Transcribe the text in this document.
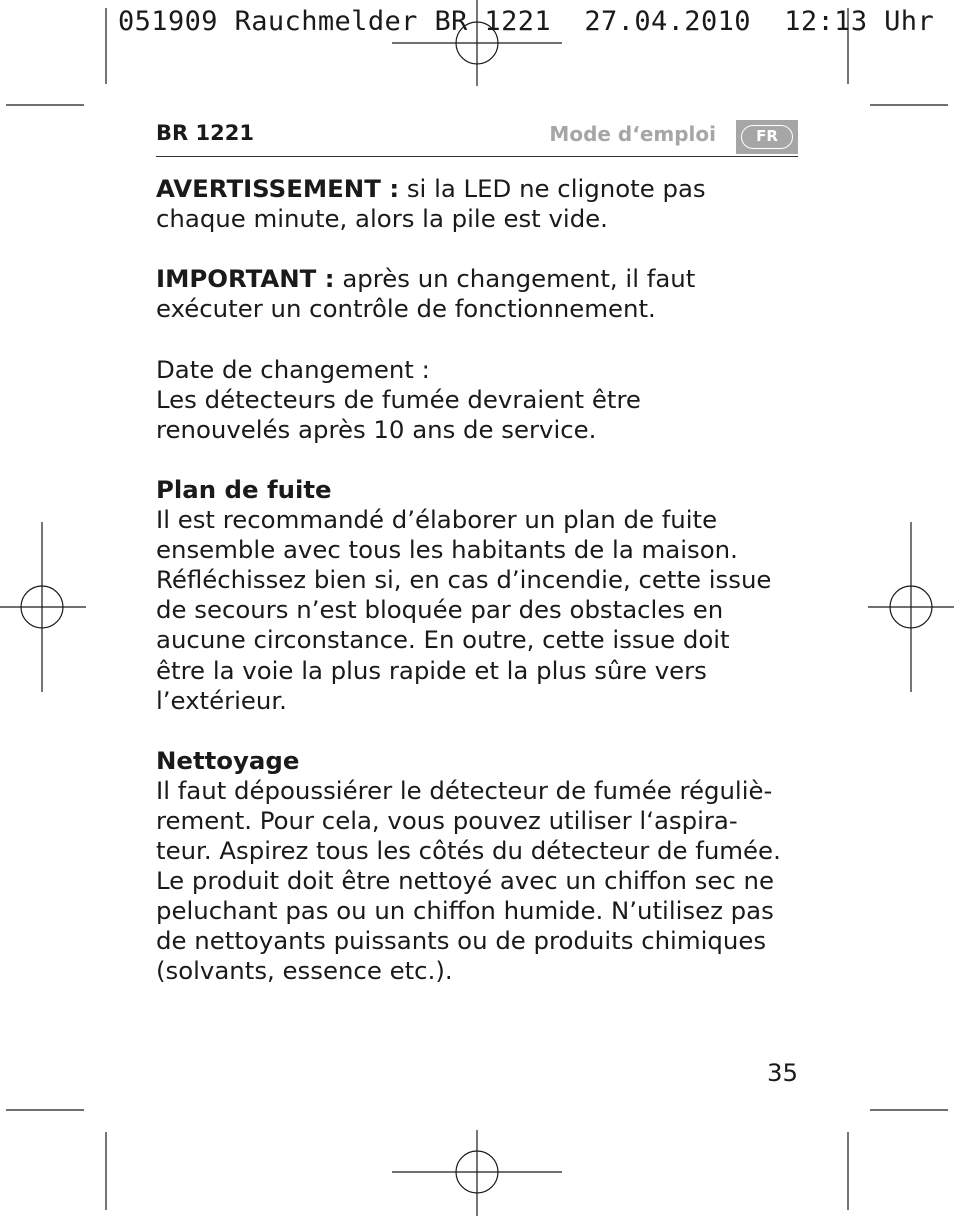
051909 Rauchmelder BR 1221  27.04.2010  12:13 Uhr
BR 1221	Mode d‘emploi	FR

AVERTISSEMENT : si la LED ne clignote pas
chaque minute, alors la pile est vide.

IMPORTANT : après un changement, il faut
exécuter un contrôle de fonctionnement.

Date de changement :
Les détecteurs de fumée devraient être
renouvelés après 10 ans de service.

Plan de fuite
Il est recommandé d’élaborer un plan de fuite
ensemble avec tous les habitants de la maison.
Réfléchissez bien si, en cas d’incendie, cette issue
de secours n’est bloquée par des obstacles en
aucune circonstance. En outre, cette issue doit
être la voie la plus rapide et la plus sûre vers
l’extérieur.

Nettoyage
Il faut dépoussiérer le détecteur de fumée réguliè-
rement. Pour cela, vous pouvez utiliser l‘aspira-
teur. Aspirez tous les côtés du détecteur de fumée.
Le produit doit être nettoyé avec un chiffon sec ne
peluchant pas ou un chiffon humide. N’utilisez pas
de nettoyants puissants ou de produits chimiques
(solvants, essence etc.).

35
